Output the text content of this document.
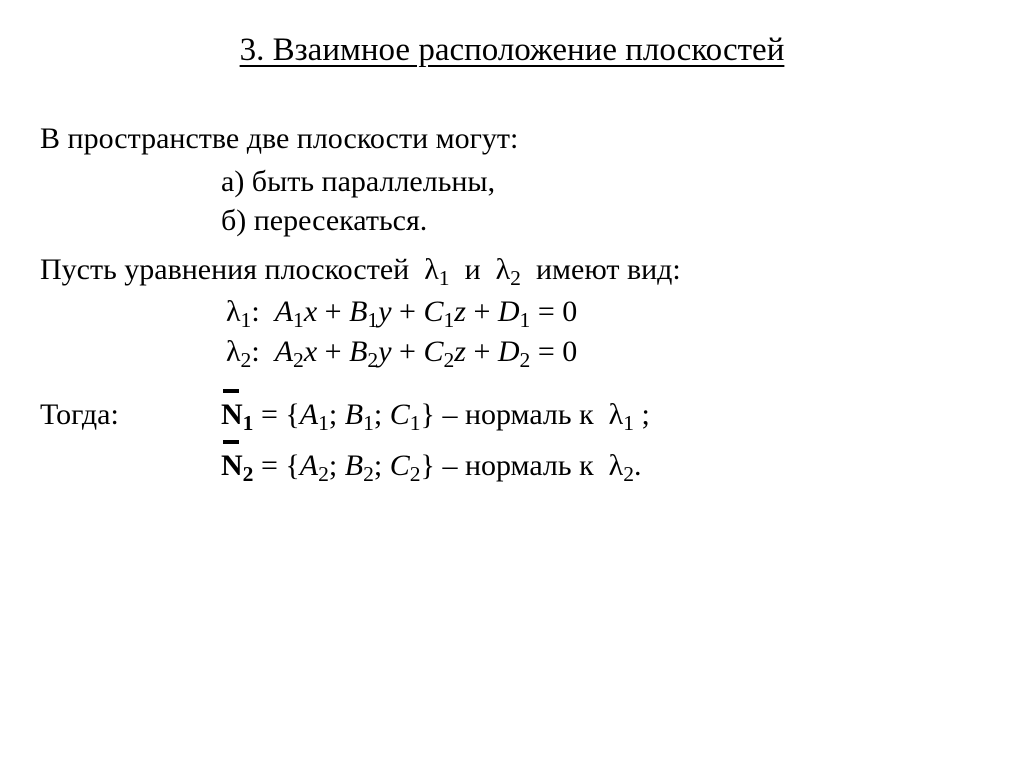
3. Взаимное расположение плоскостей
В пространстве две плоскости могут:
а) быть параллельны,
б) пересекаться.
Пусть уравнения плоскостей $\lambda_1$ и $\lambda_2$ имеют вид:
$\lambda_1$:  $A_1x + B_1y + C_1z + D_1 = 0$
$\lambda_2$:  $A_2x + B_2y + C_2z + D_2 = 0$
Тогда:	$N_1 = \{A_1$; $B_1$; $C_1$} – нормаль к $\lambda_1$ ;
$N_2 = \{A_2$; $B_2$; $C_2$} – нормаль к $\lambda_2$.
